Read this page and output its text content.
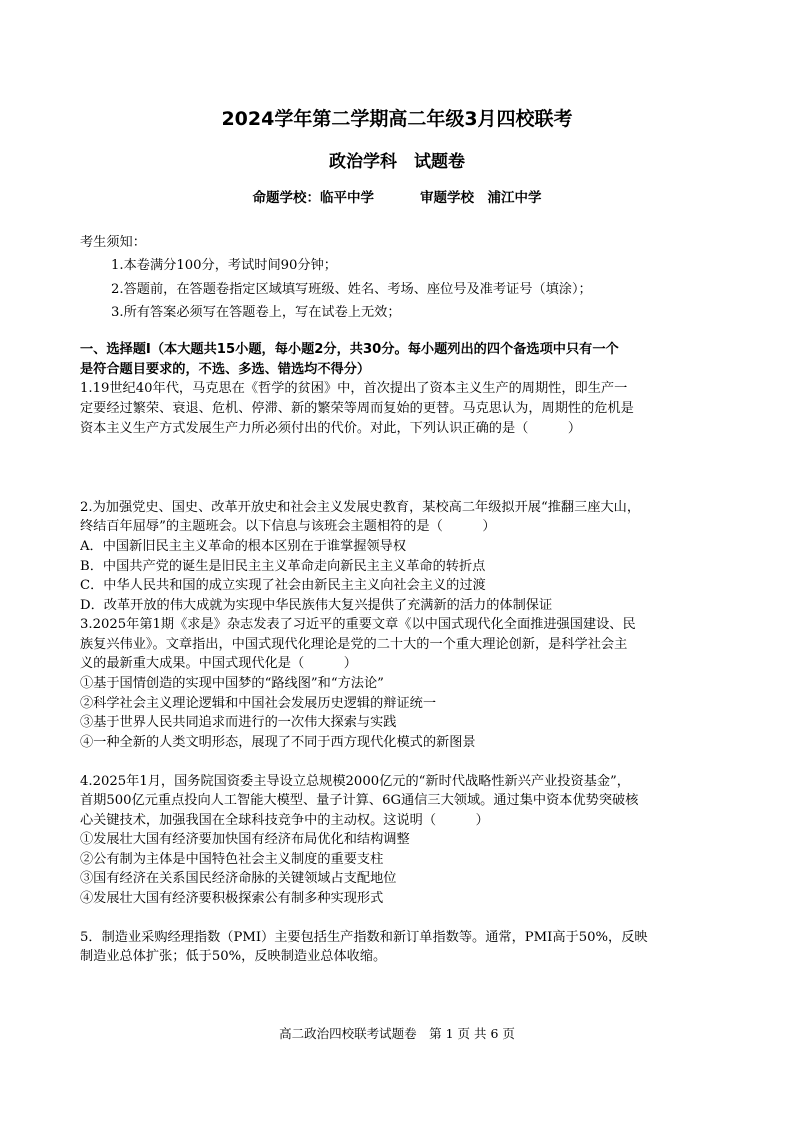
2024学年第二学期高二年级3月四校联考
政治学科　 试题卷
命题学校：临平中学	审题学校　浦江中学
考生须知：
1.本卷满分100分，考试时间90分钟；
2.答题前，在答题卷指定区域填写班级、姓名、考场、座位号及准考证号（填涂）；
3.所有答案必须写在答题卷上，写在试卷上无效；
一、选择题Ⅰ（本大题共15小题，每小题2分，共30分。每小题列出的四个备选项中只有一个
是符合题目要求的，不选、多选、错选均不得分）
1.19世纪40年代，马克思在《哲学的贫困》中，首次提出了资本主义生产的周期性，即生产一
定要经过繁荣、衰退、危机、停滞、新的繁荣等周而复始的更替。马克思认为，周期性的危机是
资本主义生产方式发展生产力所必须付出的代价。对此，下列认识正确的是（　　　）
2.为加强党史、国史、改革开放史和社会主义发展史教育，某校高二年级拟开展“推翻三座大山，
终结百年屈辱”的主题班会。以下信息与该班会主题相符的是（　　　）
A．中国新旧民主主义革命的根本区别在于谁掌握领导权
B．中国共产党的诞生是旧民主主义革命走向新民主主义革命的转折点
C．中华人民共和国的成立实现了社会由新民主主义向社会主义的过渡
D．改革开放的伟大成就为实现中华民族伟大复兴提供了充满新的活力的体制保证
3.2025年第1期《求是》杂志发表了习近平的重要文章《以中国式现代化全面推进强国建设、民
族复兴伟业》。文章指出，中国式现代化理论是党的二十大的一个重大理论创新，是科学社会主
义的最新重大成果。中国式现代化是（　　　）
①基于国情创造的实现中国梦的“路线图”和“方法论”
②科学社会主义理论逻辑和中国社会发展历史逻辑的辩证统一
③基于世界人民共同追求而进行的一次伟大探索与实践
④一种全新的人类文明形态，展现了不同于西方现代化模式的新图景
4.2025年1月，国务院国资委主导设立总规模2000亿元的“新时代战略性新兴产业投资基金”，
首期500亿元重点投向人工智能大模型、量子计算、6G通信三大领域。通过集中资本优势突破核
心关键技术，加强我国在全球科技竞争中的主动权。这说明（　　　）
①发展壮大国有经济要加快国有经济布局优化和结构调整
②公有制为主体是中国特色社会主义制度的重要支柱
③国有经济在关系国民经济命脉的关键领域占支配地位
④发展壮大国有经济要积极探索公有制多种实现形式
5．制造业采购经理指数（PMI）主要包括生产指数和新订单指数等。通常，PMI高于50%，反映
制造业总体扩张；低于50%，反映制造业总体收缩。
高二政治四校联考试题卷　第 1 页 共 6 页
